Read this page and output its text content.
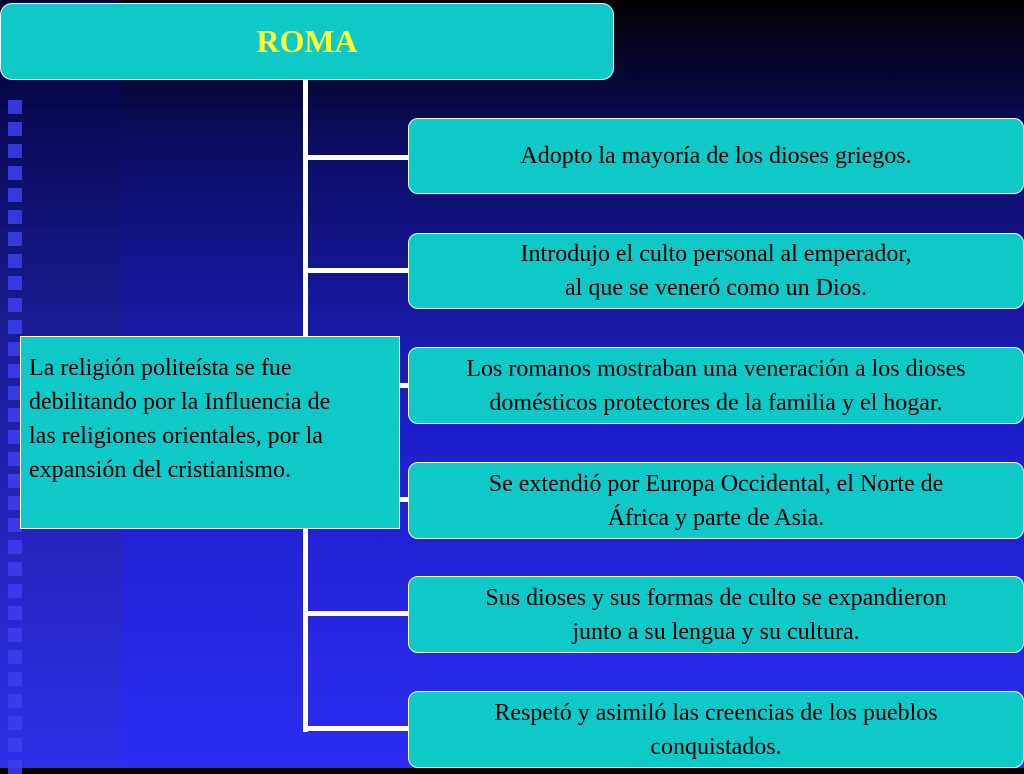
ROMA
Adopto la mayoría de los dioses griegos.
Introdujo el culto personal al emperador,
al que se veneró como un Dios.
Los romanos mostraban una veneración a los dioses
domésticos protectores de la familia y el hogar.
Se extendió por Europa Occidental, el Norte de
África y parte de Asia.
Sus dioses y sus formas de culto se expandieron
junto a su lengua y su cultura.
Respetó y asimiló las creencias de los pueblos
conquistados.
La religión politeísta se fue
debilitando por la Influencia de
las religiones orientales, por la
expansión del cristianismo.
